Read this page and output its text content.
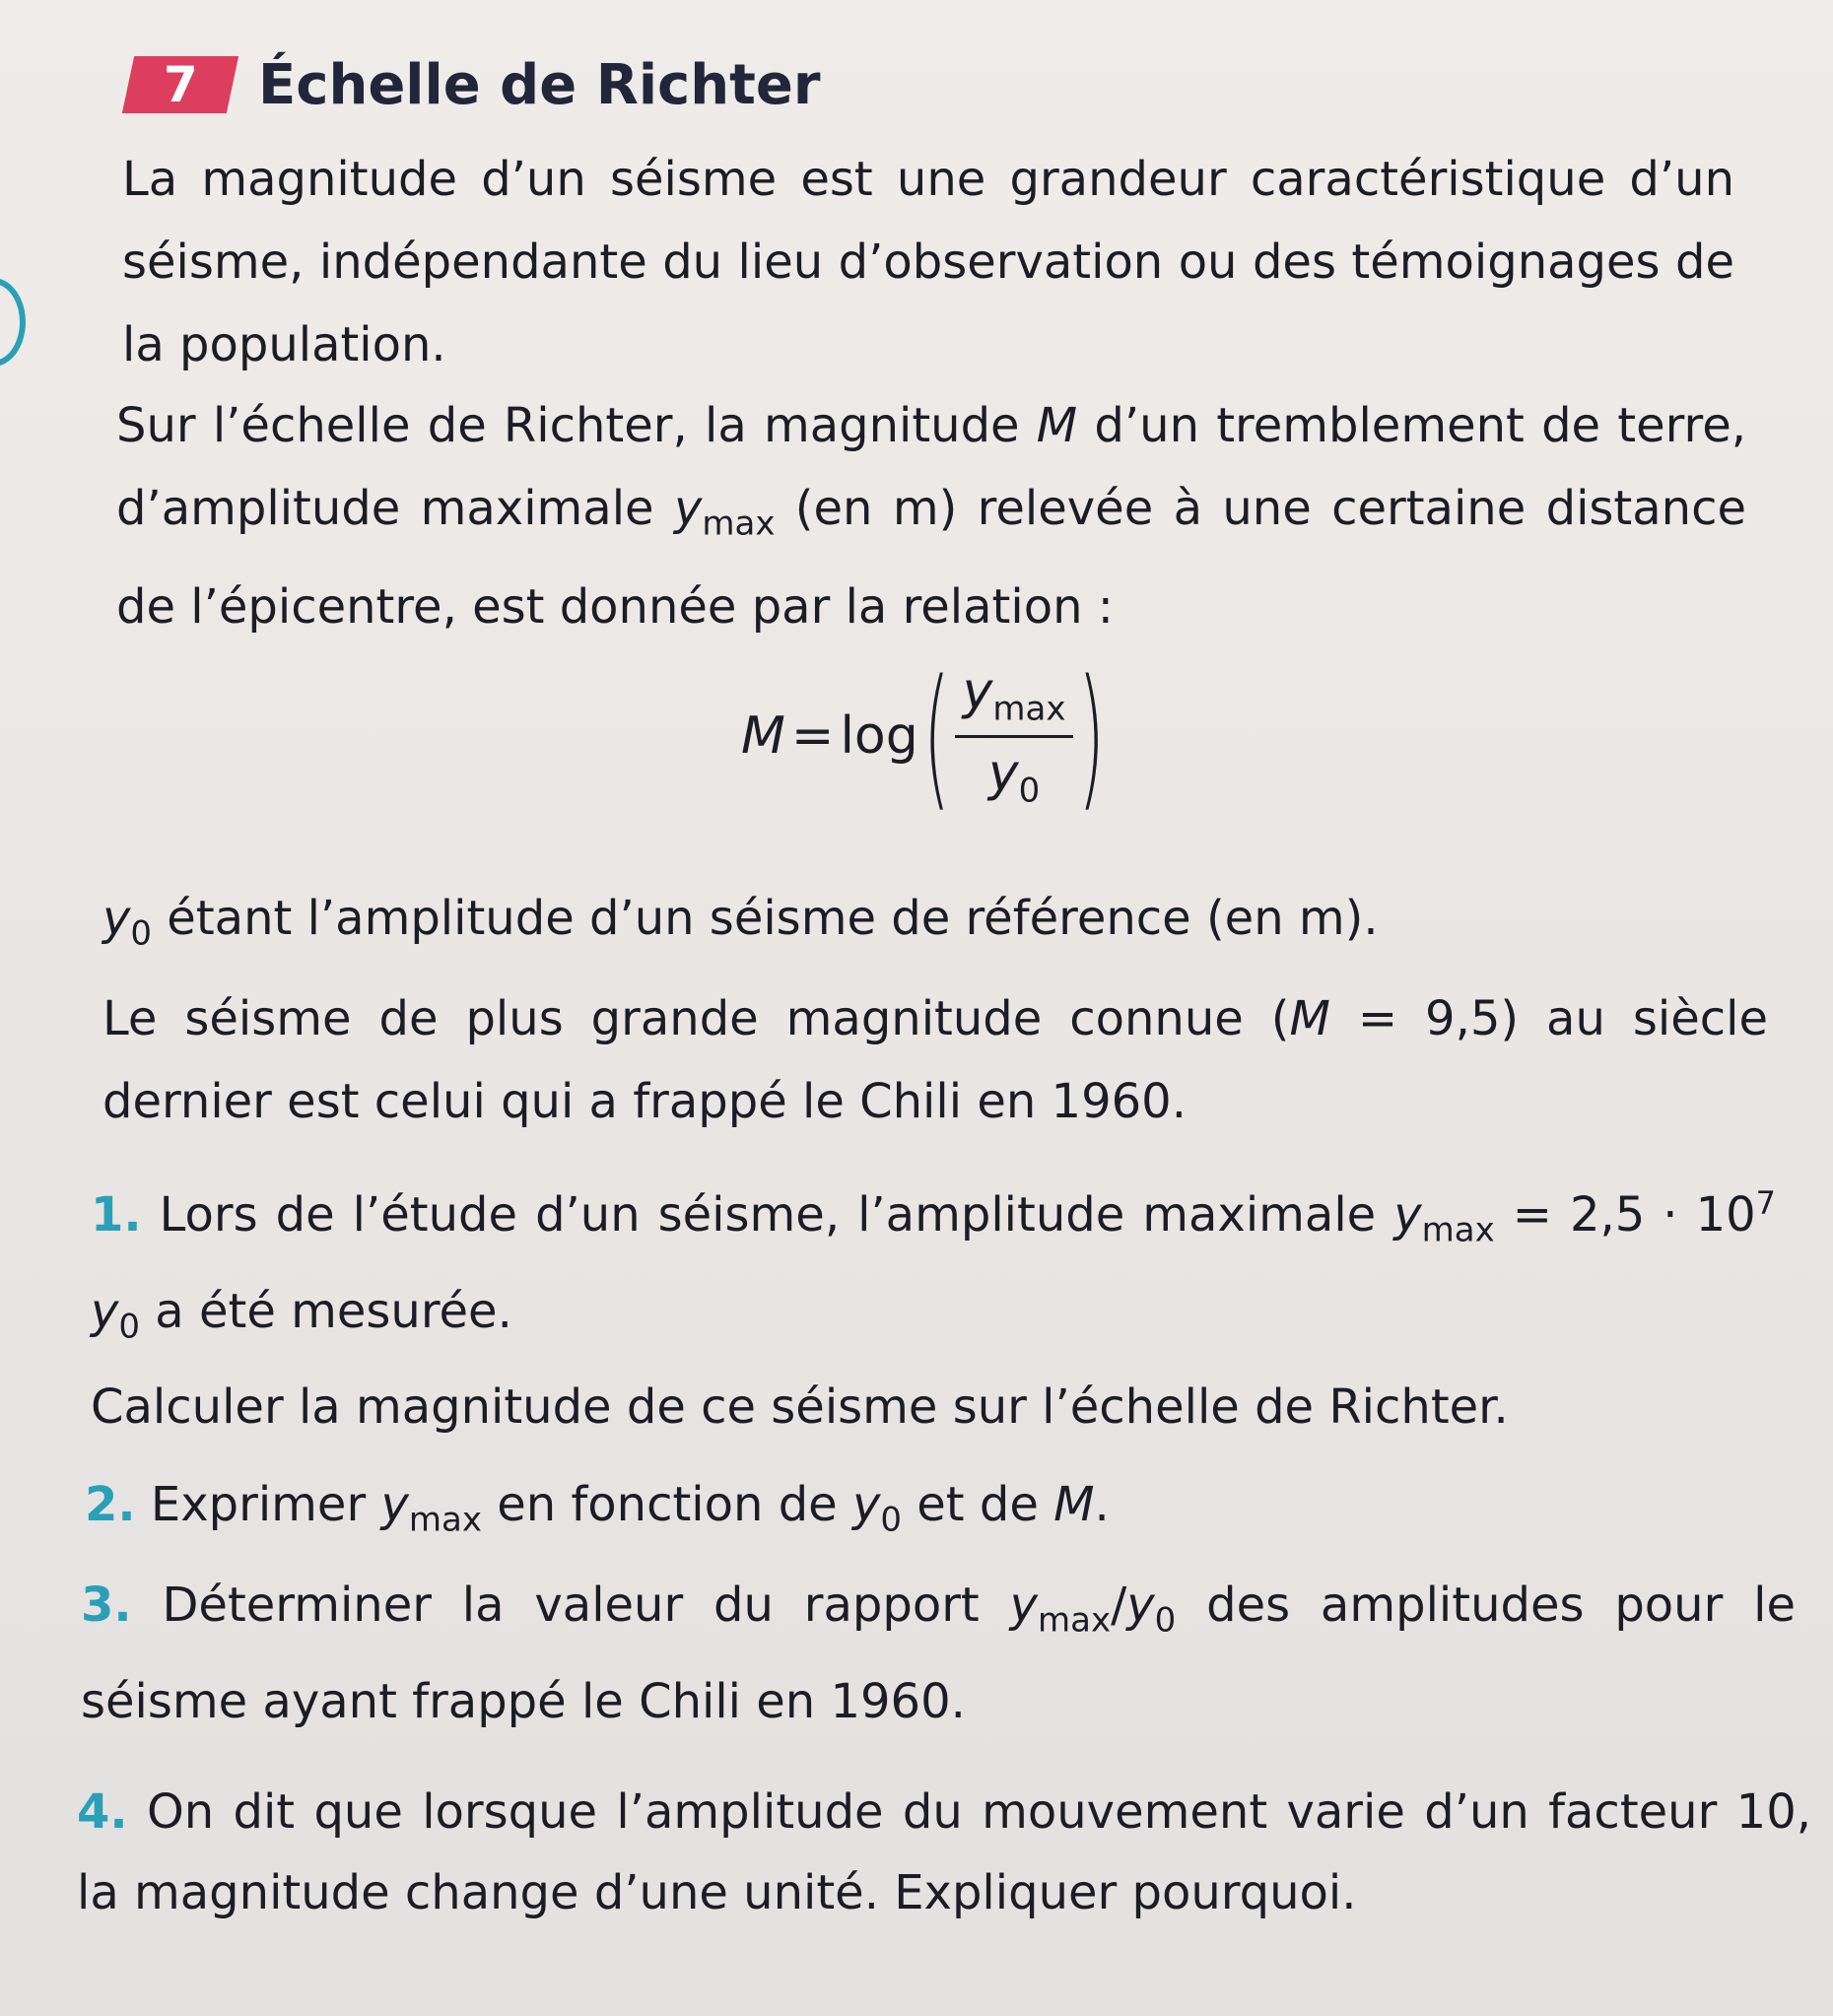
7 Échelle de Richter

La magnitude d’un séisme est une grandeur caractéristique d’un séisme, indépendante du lieu d’observation ou des témoignages de la population.

Sur l’échelle de Richter, la magnitude M d’un tremblement de terre, d’amplitude maximale $y_{max}$ (en m) relevée à une certaine distance de l’épicentre, est donnée par la relation :

M = log ( $\frac{y_{max}}{y_0}$ )

$y_0$ étant l’amplitude d’un séisme de référence (en m).

Le séisme de plus grande magnitude connue (M = 9,5) au siècle dernier est celui qui a frappé le Chili en 1960.

1. Lors de l’étude d’un séisme, l’amplitude maximale $y_{max} = 2,5 \cdot 10^7$ $y_0$ a été mesurée.
Calculer la magnitude de ce séisme sur l’échelle de Richter.

2. Exprimer $y_{max}$ en fonction de $y_0$ et de M.

3. Déterminer la valeur du rapport $y_{max}/y_0$ des amplitudes pour le séisme ayant frappé le Chili en 1960.

4. On dit que lorsque l’amplitude du mouvement varie d’un facteur 10, la magnitude change d’une unité. Expliquer pourquoi.
